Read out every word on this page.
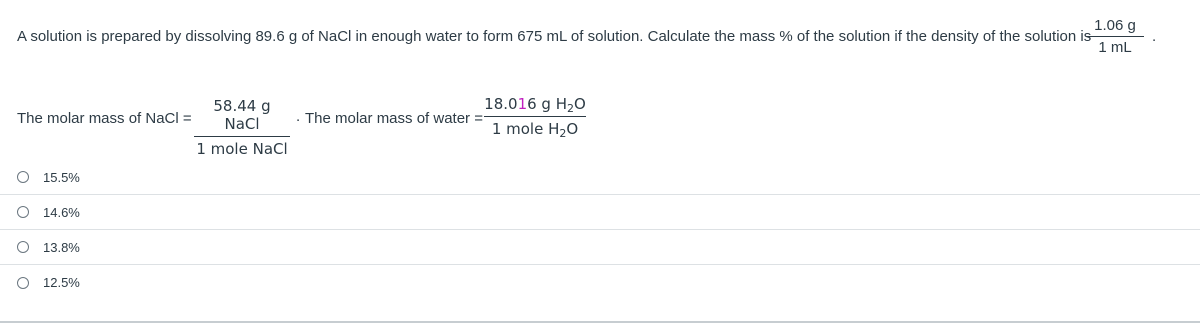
A solution is prepared by dissolving 89.6 g of NaCl in enough water to form 675 mL of solution. Calculate the mass % of the solution if the density of the solution is
$\frac{1.06 g}{1 mL}$ .
The molar mass of NaCl =
58.44 g NaCl
1 mole NaCl
. The molar mass of water =
18.016 g $H_2O$
1 mole $H_2O$
15.5%
14.6%
13.8%
12.5%
